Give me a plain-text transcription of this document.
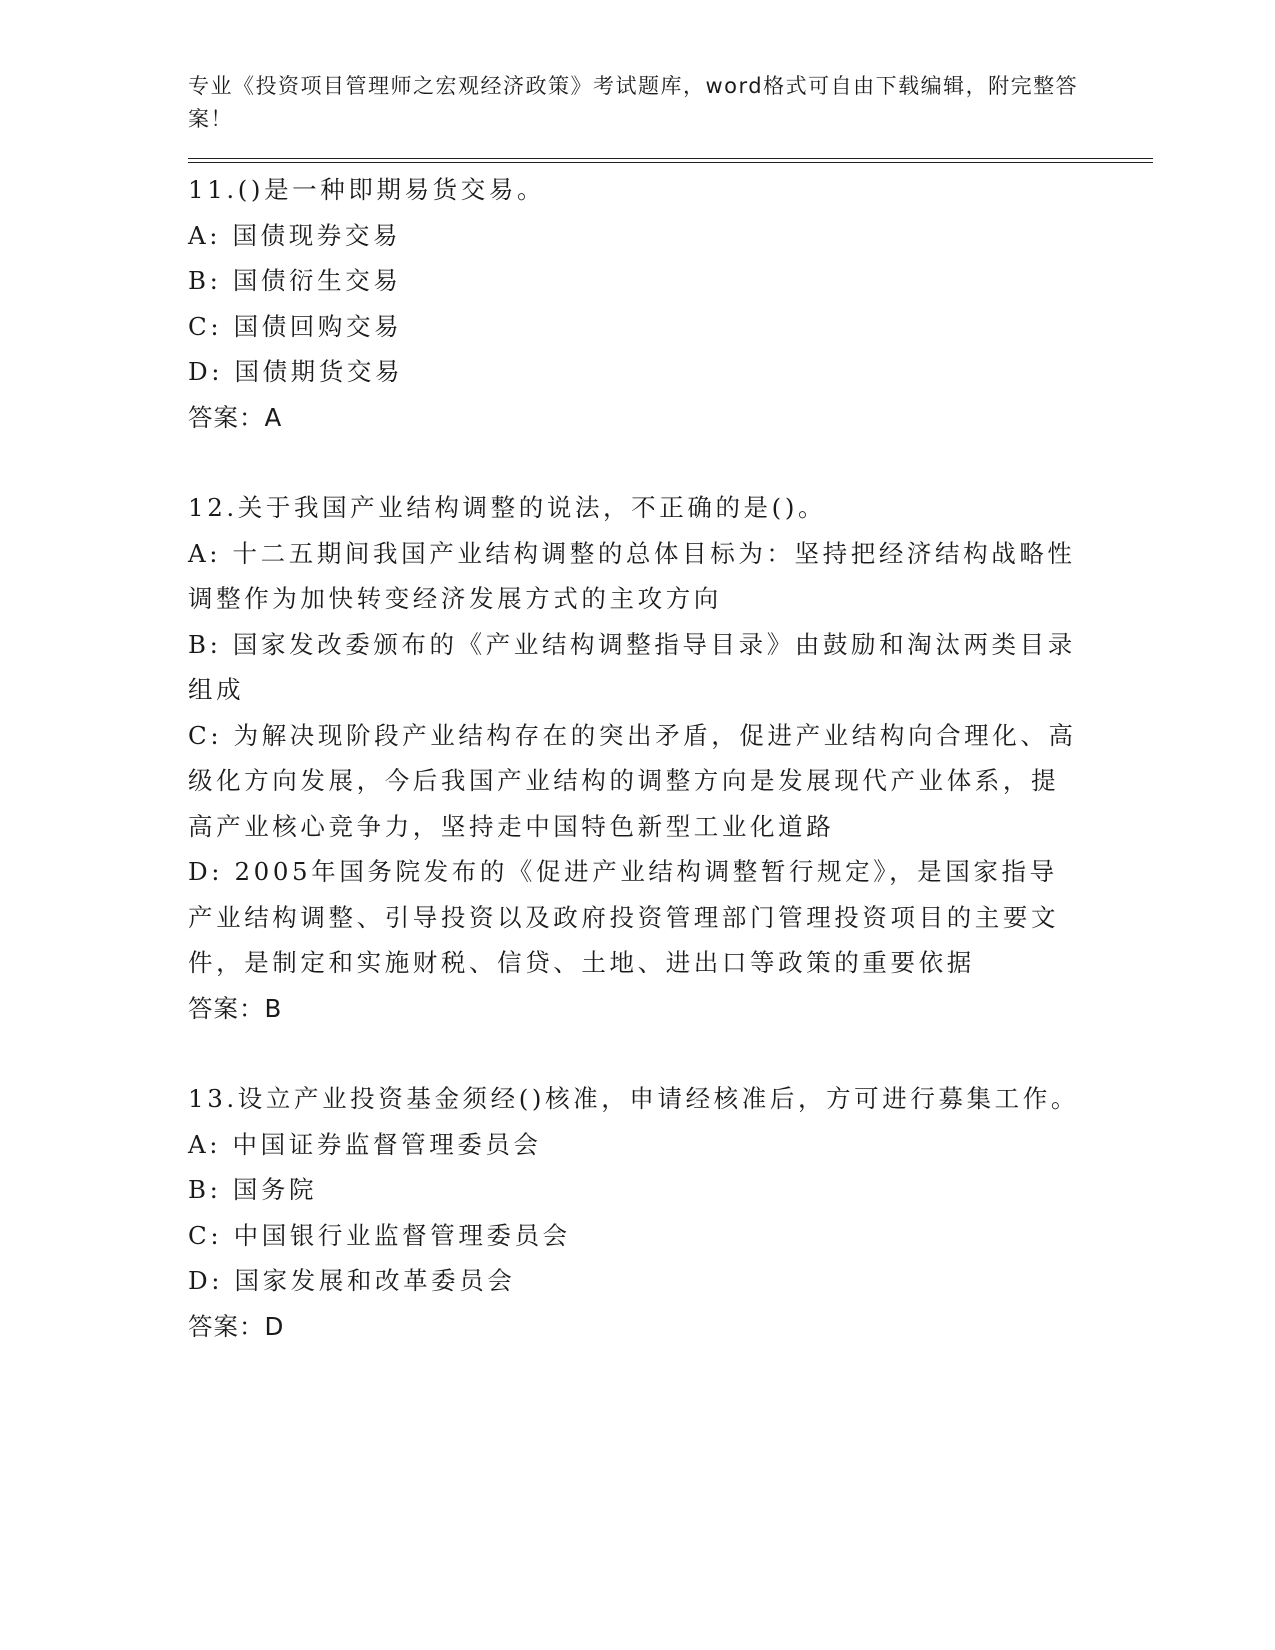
专业《投资项目管理师之宏观经济政策》考试题库，word格式可自由下载编辑，附完整答案！

11.()是一种即期易货交易。

A: 国债现券交易

B: 国债衍生交易

C: 国债回购交易

D: 国债期货交易

答案：A

12.关于我国产业结构调整的说法，不正确的是()。

A: 十二五期间我国产业结构调整的总体目标为：坚持把经济结构战略性调整作为加快转变经济发展方式的主攻方向

B: 国家发改委颁布的《产业结构调整指导目录》由鼓励和淘汰两类目录组成

C: 为解决现阶段产业结构存在的突出矛盾，促进产业结构向合理化、高级化方向发展，今后我国产业结构的调整方向是发展现代产业体系，提高产业核心竞争力，坚持走中国特色新型工业化道路

D: 2005年国务院发布的《促进产业结构调整暂行规定》，是国家指导产业结构调整、引导投资以及政府投资管理部门管理投资项目的主要文件，是制定和实施财税、信贷、土地、进出口等政策的重要依据

答案：B

13.设立产业投资基金须经()核准，申请经核准后，方可进行募集工作。

A: 中国证券监督管理委员会

B: 国务院

C: 中国银行业监督管理委员会

D: 国家发展和改革委员会

答案：D
